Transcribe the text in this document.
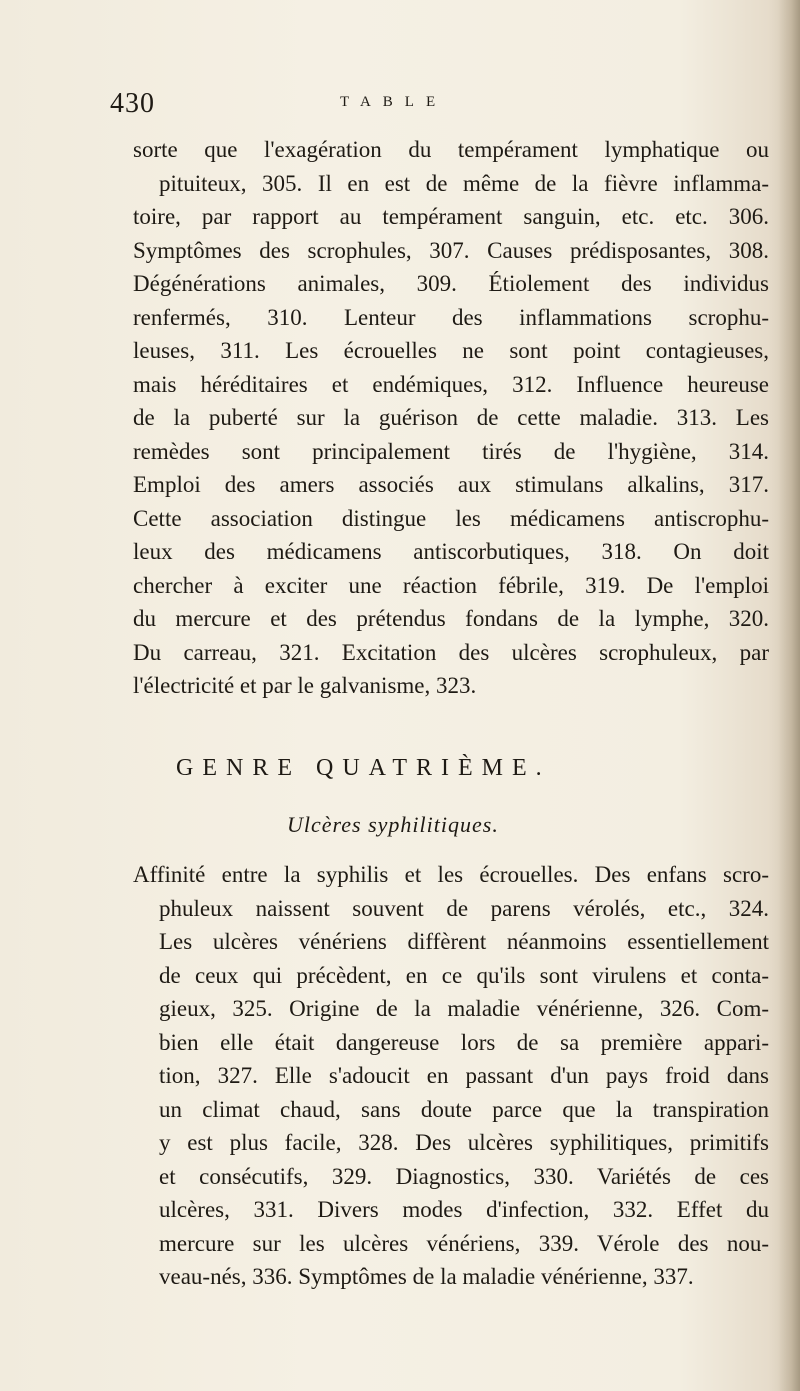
430	TABLE
sorte que l'exagération du tempérament lymphatique ou
pituiteux, 305. Il en est de même de la fièvre inflamma-
toire, par rapport au tempérament sanguin, etc. etc. 306.
Symptômes des scrophules, 307. Causes prédisposantes, 308.
Dégénérations animales, 309. Étiolement des individus
renfermés, 310. Lenteur des inflammations scrophu-
leuses, 311. Les écrouelles ne sont point contagieuses,
mais héréditaires et endémiques, 312. Influence heureuse
de la puberté sur la guérison de cette maladie. 313. Les
remèdes sont principalement tirés de l'hygiène, 314.
Emploi des amers associés aux stimulans alkalins, 317.
Cette association distingue les médicamens antiscrophu-
leux des médicamens antiscorbutiques, 318. On doit
chercher à exciter une réaction fébrile, 319. De l'emploi
du mercure et des prétendus fondans de la lymphe, 320.
Du carreau, 321. Excitation des ulcères scrophuleux, par
l'électricité et par le galvanisme, 323.
GENRE QUATRIÈME.
Ulcères syphilitiques.
Affinité entre la syphilis et les écrouelles. Des enfans scro-
phuleux naissent souvent de parens vérolés, etc., 324.
Les ulcères vénériens diffèrent néanmoins essentiellement
de ceux qui précèdent, en ce qu'ils sont virulens et conta-
gieux, 325. Origine de la maladie vénérienne, 326. Com-
bien elle était dangereuse lors de sa première appari-
tion, 327. Elle s'adoucit en passant d'un pays froid dans
un climat chaud, sans doute parce que la transpiration
y est plus facile, 328. Des ulcères syphilitiques, primitifs
et consécutifs, 329. Diagnostics, 330. Variétés de ces
ulcères, 331. Divers modes d'infection, 332. Effet du
mercure sur les ulcères vénériens, 339. Vérole des nou-
veau-nés, 336. Symptômes de la maladie vénérienne, 337.
